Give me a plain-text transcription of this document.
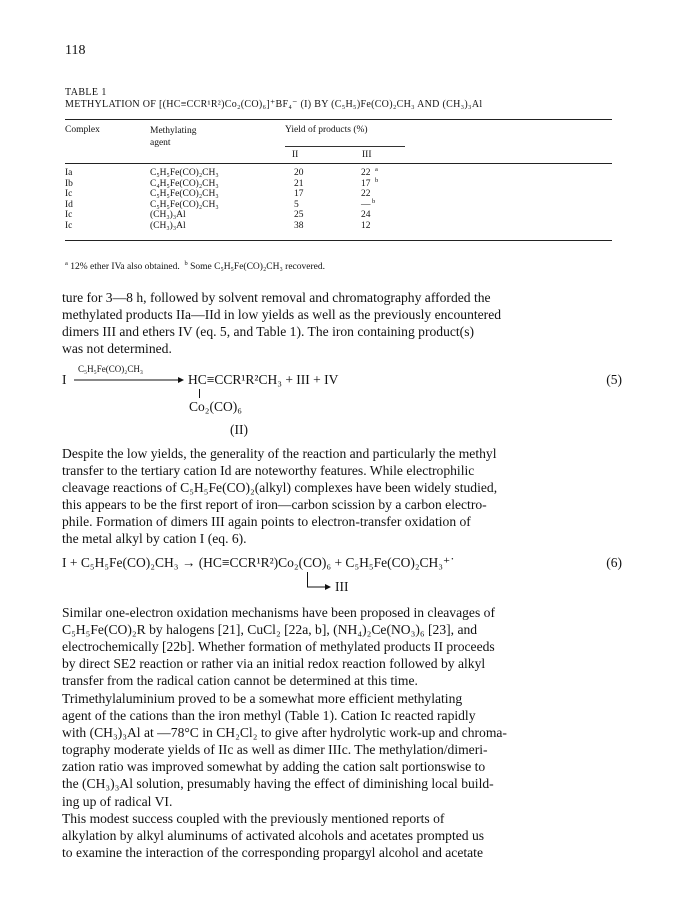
118
TABLE 1
METHYLATION OF [(HC≡CCR¹R²)Co₂(CO)₆]⁺BF₄⁻ (I) BY (C₅H₅)Fe(CO)₂CH₃ AND (CH₃)₃Al
Complex	Methylating
agent
Yield of products (%)
II	III
Ia	C₅H₅Fe(CO)₂CH₃	20	22 a
Ib	C₄H₅Fe(CO)₂CH₃	21	17 b
Ic	C₅H₅Fe(CO)₂CH₃	17	22
Id	C₅H₅Fe(CO)₂CH₃	5	— b
Ic	(CH₃)₃Al	25	24
Ic	(CH₃)₃Al	38	12
$^a$ 12% ether IVa also obtained. $^b$ Some C₅H₅Fe(CO)₂CH₃ recovered.
ture for 3—8 h, followed by solvent removal and chromatography afforded the
methylated products IIa—IId in low yields as well as the previously encountered
dimers III and ethers IV (eq. 5, and Table 1). The iron containing product(s)
was not determined.
I
C₅H₅Fe(CO)₂CH₃
HC≡CCR¹R²CH₃ + III + IV
Co₂(CO)₆
(II)
(5)
Despite the low yields, the generality of the reaction and particularly the methyl
transfer to the tertiary cation Id are noteworthy features. While electrophilic
cleavage reactions of C₅H₅Fe(CO)₂(alkyl) complexes have been widely studied,
this appears to be the first report of iron—carbon scission by a carbon electro-
phile. Formation of dimers III again points to electron-transfer oxidation of
the metal alkyl by cation I (eq. 6).
I + C₅H₅Fe(CO)₂CH₃ → (HC≡CCR¹R²)Co₂(CO)₆ + C₅H₅Fe(CO)₂CH₃⁺˙
III
(6)
Similar one-electron oxidation mechanisms have been proposed in cleavages of
C₅H₅Fe(CO)₂R by halogens [21], CuCl₂ [22a, b], (NH₄)₂Ce(NO₃)₆ [23], and
electrochemically [22b]. Whether formation of methylated products II proceeds
by direct SE2 reaction or rather via an initial redox reaction followed by alkyl
transfer from the radical cation cannot be determined at this time.
Trimethylaluminium proved to be a somewhat more efficient methylating
agent of the cations than the iron methyl (Table 1). Cation Ic reacted rapidly
with (CH₃)₃Al at —78°C in CH₂Cl₂ to give after hydrolytic work-up and chroma-
tography moderate yields of IIc as well as dimer IIIc. The methylation/dimeri-
zation ratio was improved somewhat by adding the cation salt portionswise to
the (CH₃)₃Al solution, presumably having the effect of diminishing local build-
ing up of radical VI.
This modest success coupled with the previously mentioned reports of
alkylation by alkyl aluminums of activated alcohols and acetates prompted us
to examine the interaction of the corresponding propargyl alcohol and acetate
